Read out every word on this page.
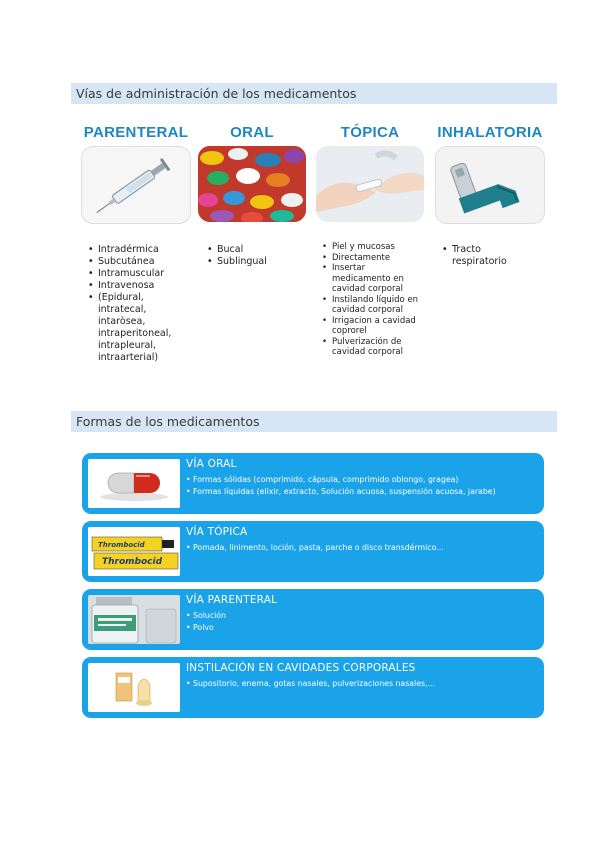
Vías de administración de los medicamentos
PARENTERAL
• Intradérmica
• Subcutánea
• Intramuscular
• Intravenosa
• (Epidural, intratecal, intaròsea, intraperitoneal, intrapleural, intraarterial)
ORAL
• Bucal
• Sublingual
TÓPICA
• Piel y mucosas
• Directamente
• Insertar medicamento en cavidad corporal
• Instilando líquido en cavidad corporal
• Irrigacion a cavidad coprorel
• Pulverización de cavidad corporal
INHALATORIA
• Tracto respiratorio
Formas de los medicamentos
VÍA ORAL
• Formas sólidas (comprimido, cápsula, comprimido oblongo, gragea)
• Formas líquidas (elixir, extracto, Solución acuosa, suspensión acuosa, jarabe)
Thrombocid
Thrombocid
VÍA TÓPICA
• Pomada, linimento, loción, pasta, parche o disco transdérmico...
VÍA PARENTERAL
• Solución
• Polvo
INSTILACIÓN EN CAVIDADES CORPORALES
• Supositorio, enema, gotas nasales, pulverizaciones nasales,...
